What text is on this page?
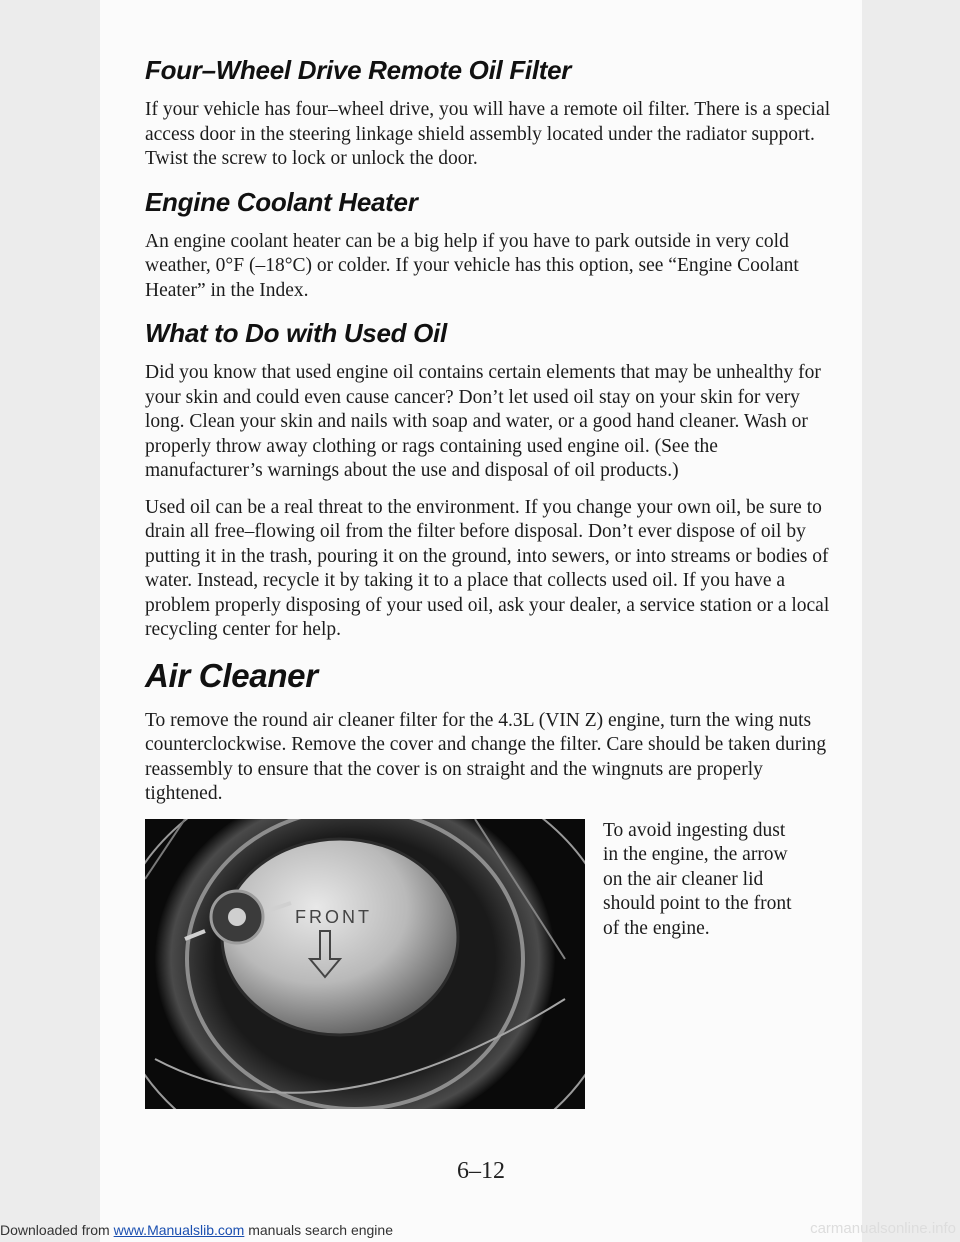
Four–Wheel Drive Remote Oil Filter

If your vehicle has four–wheel drive, you will have a remote oil filter. There is a special access door in the steering linkage shield assembly located under the radiator support. Twist the screw to lock or unlock the door.

Engine Coolant Heater

An engine coolant heater can be a big help if you have to park outside in very cold weather, 0°F (–18°C) or colder. If your vehicle has this option, see “Engine Coolant Heater” in the Index.

What to Do with Used Oil

Did you know that used engine oil contains certain elements that may be unhealthy for your skin and could even cause cancer? Don’t let used oil stay on your skin for very long. Clean your skin and nails with soap and water, or a good hand cleaner. Wash or properly throw away clothing or rags containing used engine oil. (See the manufacturer’s warnings about the use and disposal of oil products.)

Used oil can be a real threat to the environment. If you change your own oil, be sure to drain all free–flowing oil from the filter before disposal. Don’t ever dispose of oil by putting it in the trash, pouring it on the ground, into sewers, or into streams or bodies of water. Instead, recycle it by taking it to a place that collects used oil. If you have a problem properly disposing of your used oil, ask your dealer, a service station or a local recycling center for help.

Air Cleaner

To remove the round air cleaner filter for the 4.3L (VIN Z) engine, turn the wing nuts counterclockwise. Remove the cover and change the filter. Care should be taken during reassembly to ensure that the cover is on straight and the wingnuts are properly tightened.

FRONT

To avoid ingesting dust in the engine, the arrow on the air cleaner lid should point to the front of the engine.

6–12
Downloaded from www.Manualslib.com manuals search engine	carmanualsonline.info
